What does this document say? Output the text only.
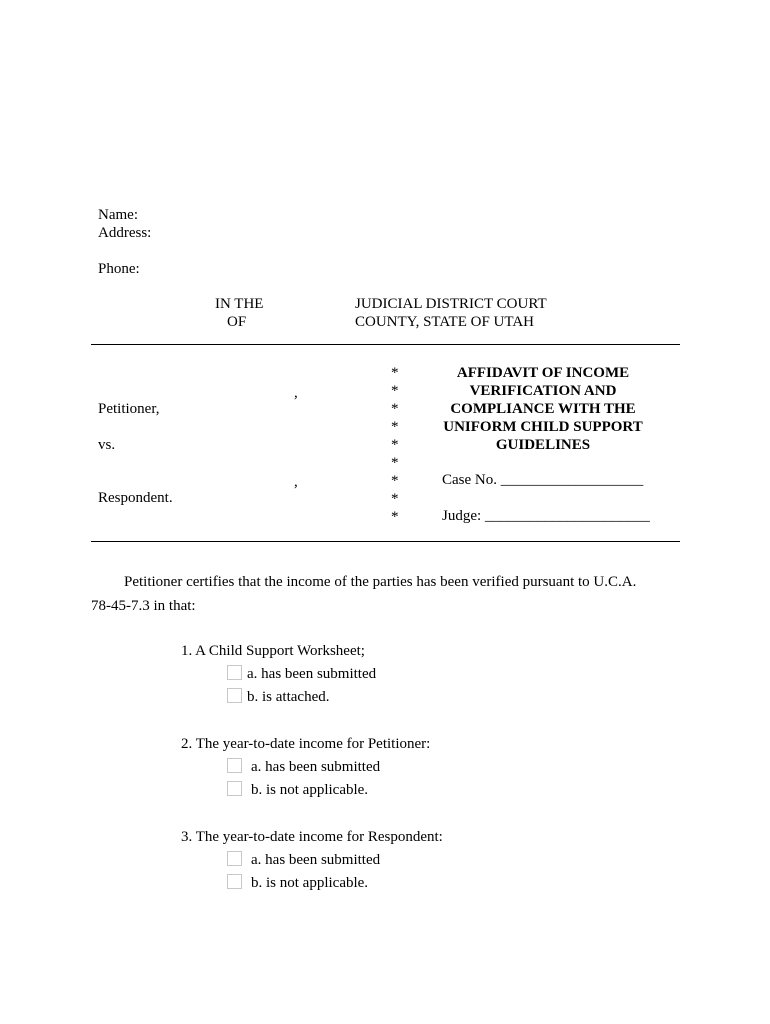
Name:
Address:
Phone:
IN THE
OF
JUDICIAL DISTRICT COURT
COUNTY, STATE OF UTAH
,
Petitioner,
vs.
,
Respondent.
*
*
*
*
*
*
*
*
*
AFFIDAVIT OF INCOME
VERIFICATION AND
COMPLIANCE WITH THE
UNIFORM CHILD SUPPORT
GUIDELINES
Case No. ___________________
Judge: ______________________
Petitioner certifies that the income of the parties has been verified pursuant to U.C.A.
78-45-7.3 in that:
1. A Child Support Worksheet;
a. has been submitted
b. is attached.
2. The year-to-date income for Petitioner:
a. has been submitted
b. is not applicable.
3. The year-to-date income for Respondent:
a. has been submitted
b. is not applicable.
